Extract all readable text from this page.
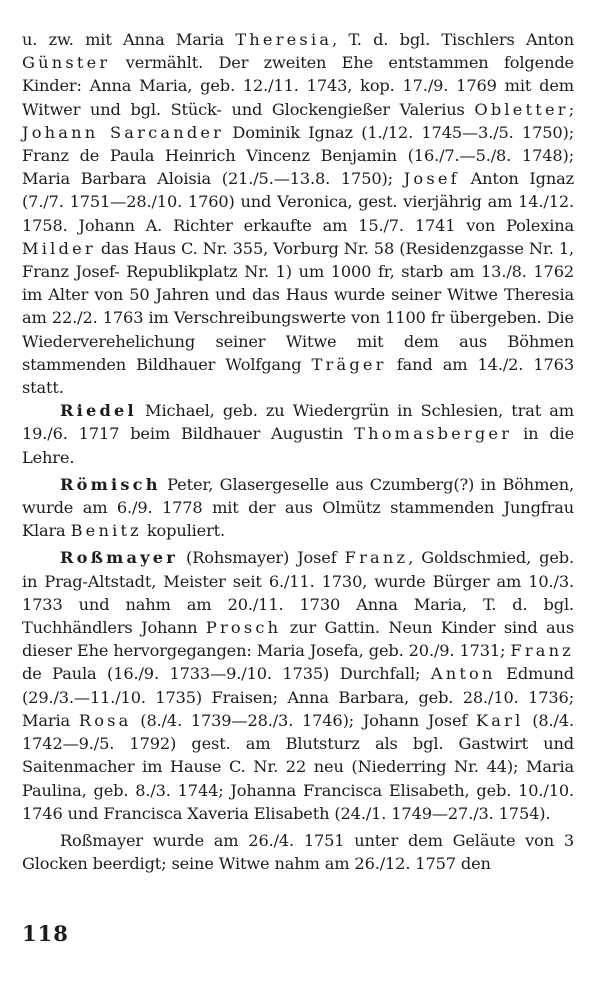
u. zw. mit Anna Maria Theresia, T. d. bgl. Tischlers Anton Günster vermählt. Der zweiten Ehe entstammen folgende Kinder: Anna Maria, geb. 12./11. 1743, kop. 17./9. 1769 mit dem Witwer und bgl. Stück- und Glockengießer Valerius Obletter; Johann Sarcander Dominik Ignaz (1./12. 1745—3./5. 1750); Franz de Paula Heinrich Vincenz Benjamin (16./7.—5./8. 1748); Maria Barbara Aloisia (21./5.—13.8. 1750); Josef Anton Ignaz (7./7. 1751—28./10. 1760) und Veronica, gest. vierjährig am 14./12. 1758. Johann A. Richter erkaufte am 15./7. 1741 von Polexina Milder das Haus C. Nr. 355, Vorburg Nr. 58 (Residenzgasse Nr. 1, Franz Josef- Republikplatz Nr. 1) um 1000 fr, starb am 13./8. 1762 im Alter von 50 Jahren und das Haus wurde seiner Witwe Theresia am 22./2. 1763 im Verschreibungswerte von 1100 fr übergeben. Die Wiederverehelichung seiner Witwe mit dem aus Böhmen stammenden Bildhauer Wolfgang Träger fand am 14./2. 1763 statt.

Riedel Michael, geb. zu Wiedergrün in Schlesien, trat am 19./6. 1717 beim Bildhauer Augustin Thomasberger in die Lehre.

Römisch Peter, Glasergeselle aus Czumberg(?) in Böhmen, wurde am 6./9. 1778 mit der aus Olmütz stammenden Jungfrau Klara Benitz kopuliert.

Roßmayer (Rohsmayer) Josef Franz, Goldschmied, geb. in Prag-Altstadt, Meister seit 6./11. 1730, wurde Bürger am 10./3. 1733 und nahm am 20./11. 1730 Anna Maria, T. d. bgl. Tuchhändlers Johann Prosch zur Gattin. Neun Kinder sind aus dieser Ehe hervorgegangen: Maria Josefa, geb. 20./9. 1731; Franz de Paula (16./9. 1733—9./10. 1735) Durchfall; Anton Edmund (29./3.—11./10. 1735) Fraisen; Anna Barbara, geb. 28./10. 1736; Maria Rosa (8./4. 1739—28./3. 1746); Johann Josef Karl (8./4. 1742—9./5. 1792) gest. am Blutsturz als bgl. Gastwirt und Saitenmacher im Hause C. Nr. 22 neu (Niederring Nr. 44); Maria Paulina, geb. 8./3. 1744; Johanna Francisca Elisabeth, geb. 10./10. 1746 und Francisca Xaveria Elisabeth (24./1. 1749—27./3. 1754).

Roßmayer wurde am 26./4. 1751 unter dem Geläute von 3 Glocken beerdigt; seine Witwe nahm am 26./12. 1757 den

118
